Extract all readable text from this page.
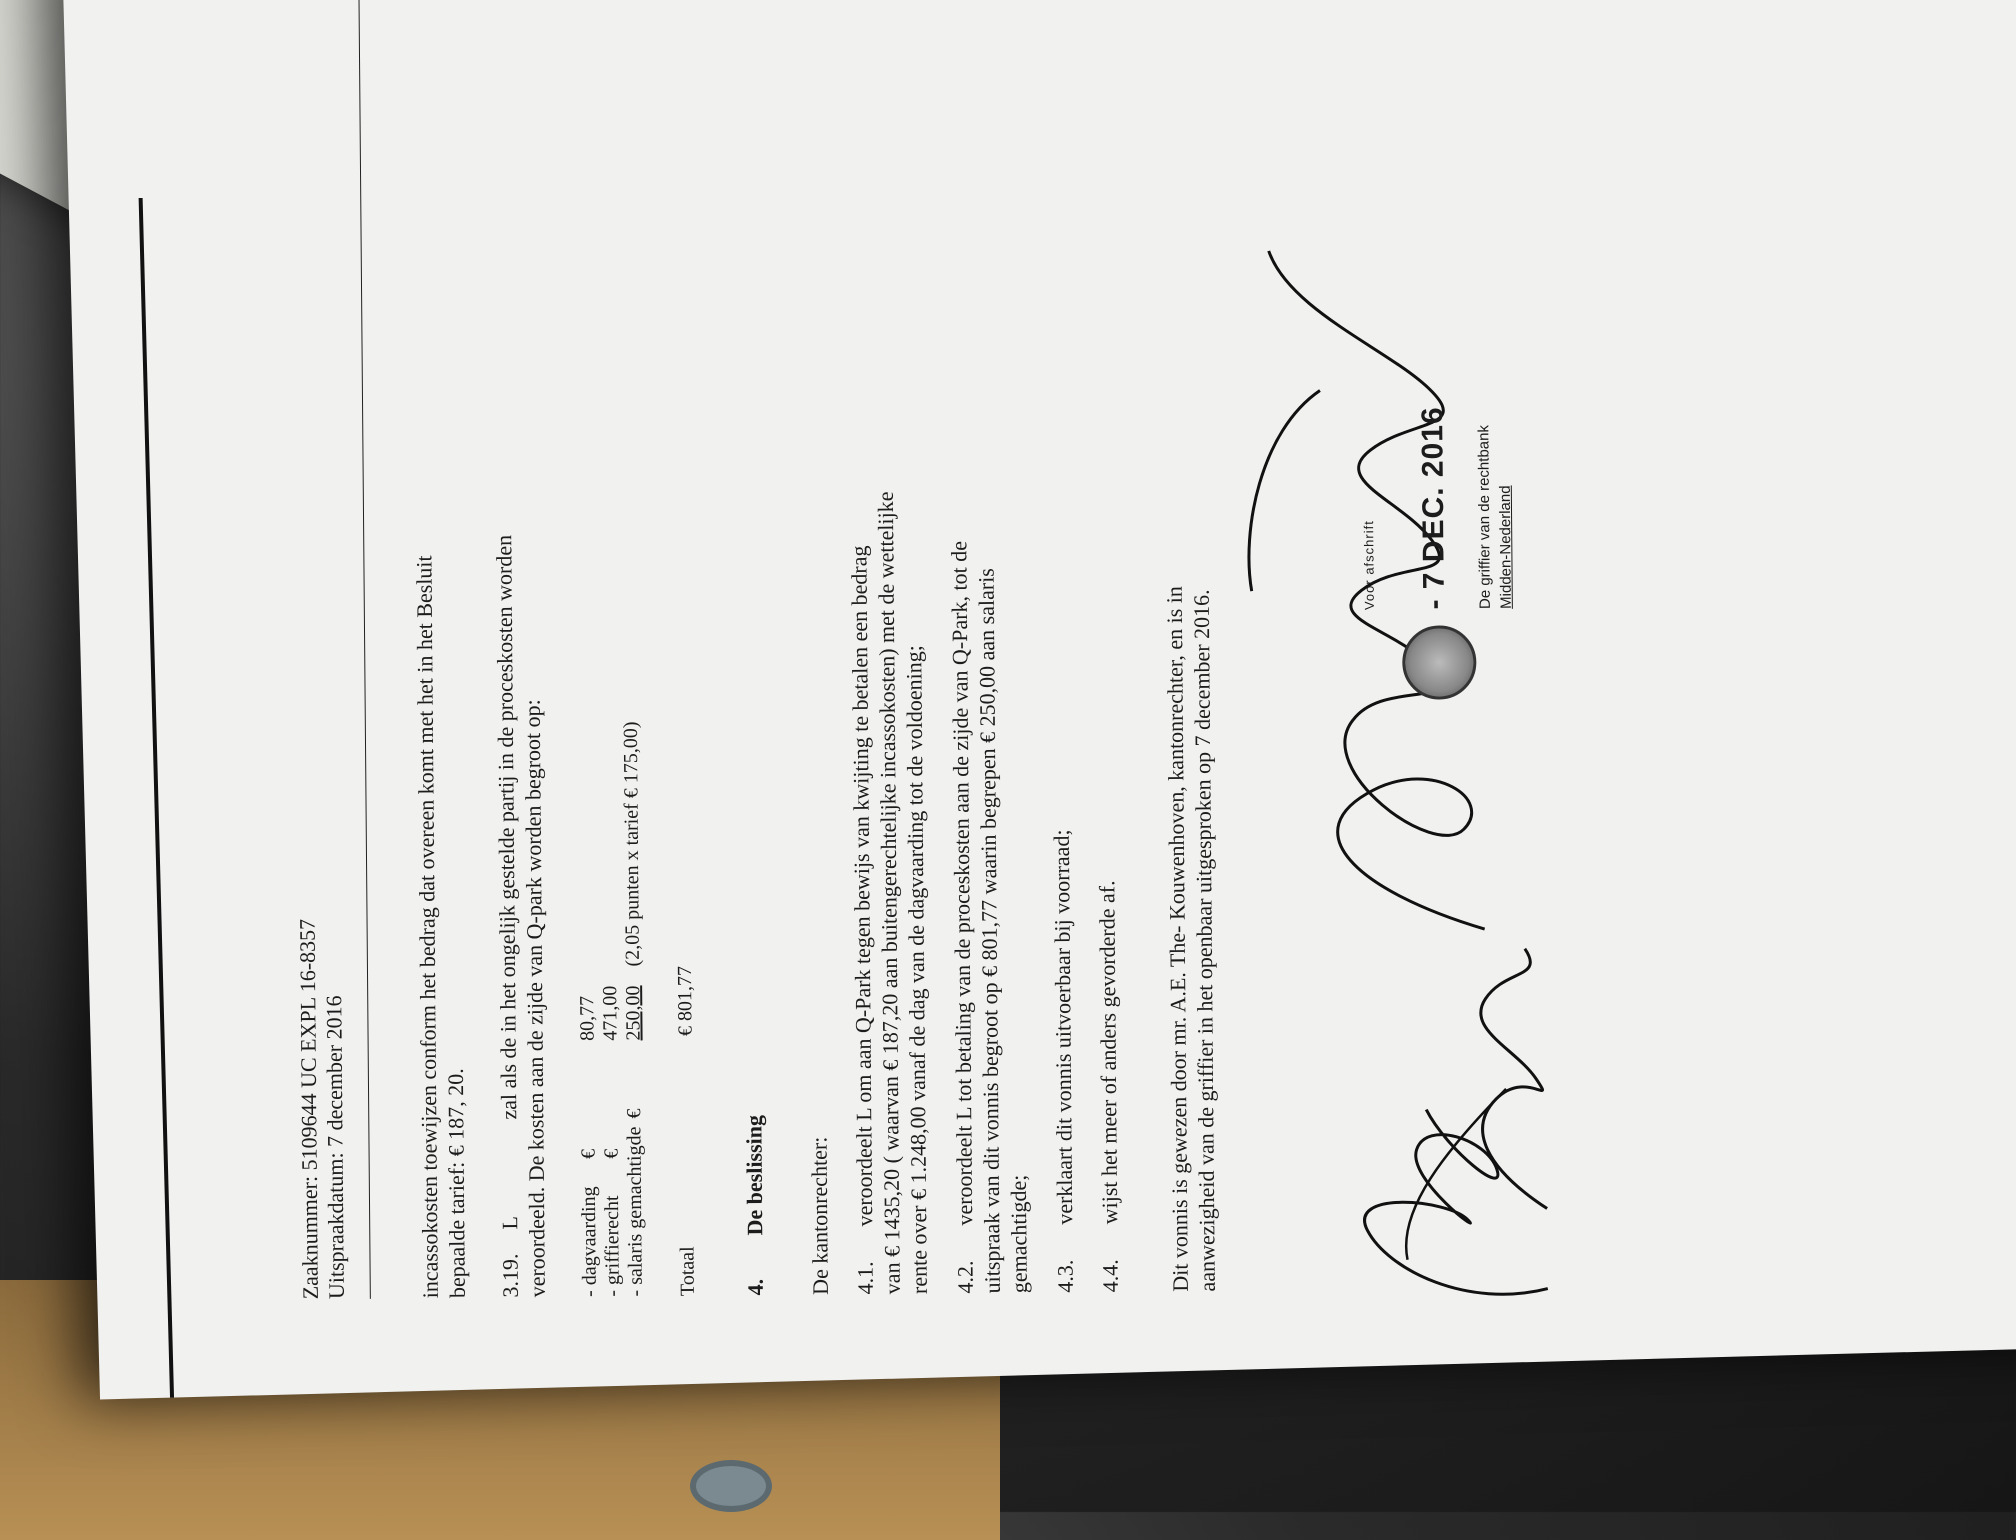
Zaaknummer: 5109644 UC EXPL 16-8357
Uitspraakdatum: 7 december 2016	incassokosten toewijzen conform het bedrag dat overeen komt met het in het Besluit bepaalde tarief: € 187, 20. 3.19.
L
zal als de in het ongelijk gestelde partij in de proceskosten worden
veroordeeld. De kosten aan de zijde van Q-park worden begroot op: - dagvaarding
€
80,77
- griffierecht
€
471,00
- salaris gemachtigde
€
250,00
(2,05 punten x tarief € 175,00)
Totaal
€ 801,77
4.
De beslissing De kantonrechter: 4.1.
veroordeelt L om aan Q-Park tegen bewijs van kwijting te betalen een bedrag
van € 1435,20 ( waarvan € 187,20 aan buitengerechtelijke incassokosten) met de wettelijke
rente over € 1.248,00 vanaf de dag van de dagvaarding tot de voldoening; 4.2.
veroordeelt L tot betaling van de proceskosten aan de zijde van Q-Park, tot de
uitspraak van dit vonnis begroot op € 801,77 waarin begrepen € 250,00 aan salaris gemachtigde; 4.3.
verklaart dit vonnis uitvoerbaar bij voorraad;
4.4.
wijst het meer of anders gevorderde af. Dit vonnis is gewezen door mr. A.E. The- Kouwenhoven, kantonrechter, en is in
aanwezigheid van de griffier in het openbaar uitgesproken op 7 december 2016.
Voor afschrift - 7 DEC. 2016 De griffier van de rechtbank Midden-Nederland
